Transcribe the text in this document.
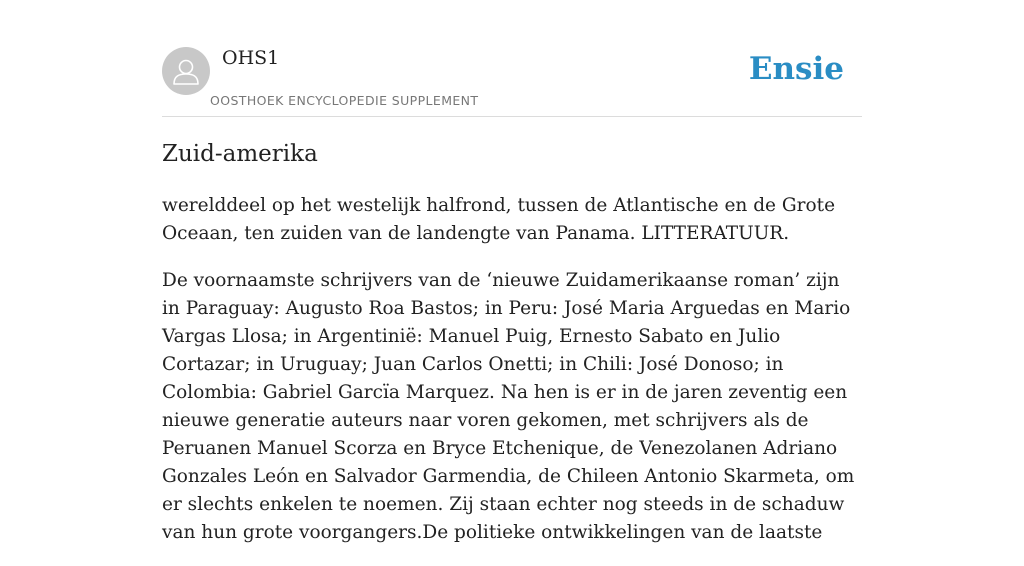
OHS1
OOSTHOEK ENCYCLOPEDIE SUPPLEMENT
Ensie
Zuid-amerika

werelddeel op het westelijk halfrond, tussen de Atlantische en de Grote Oceaan, ten zuiden van de landengte van Panama. LITTERATUUR.

De voornaamste schrijvers van de ‘nieuwe Zuidamerikaanse roman’ zijn in Paraguay: Augusto Roa Bastos; in Peru: José Maria Arguedas en Mario Vargas Llosa; in Argentinië: Manuel Puig, Ernesto Sabato en Julio Cortazar; in Uruguay; Juan Carlos Onetti; in Chili: José Donoso; in Colombia: Gabriel Garcïa Marquez. Na hen is er in de jaren zeventig een nieuwe generatie auteurs naar voren gekomen, met schrijvers als de Peruanen Manuel Scorza en Bryce Etchenique, de Venezolanen Adriano Gonzales León en Salvador Garmendia, de Chileen Antonio Skarmeta, om er slechts enkelen te noemen. Zij staan echter nog steeds in de schaduw van hun grote voorgangers.De politieke ontwikkelingen van de laatste
